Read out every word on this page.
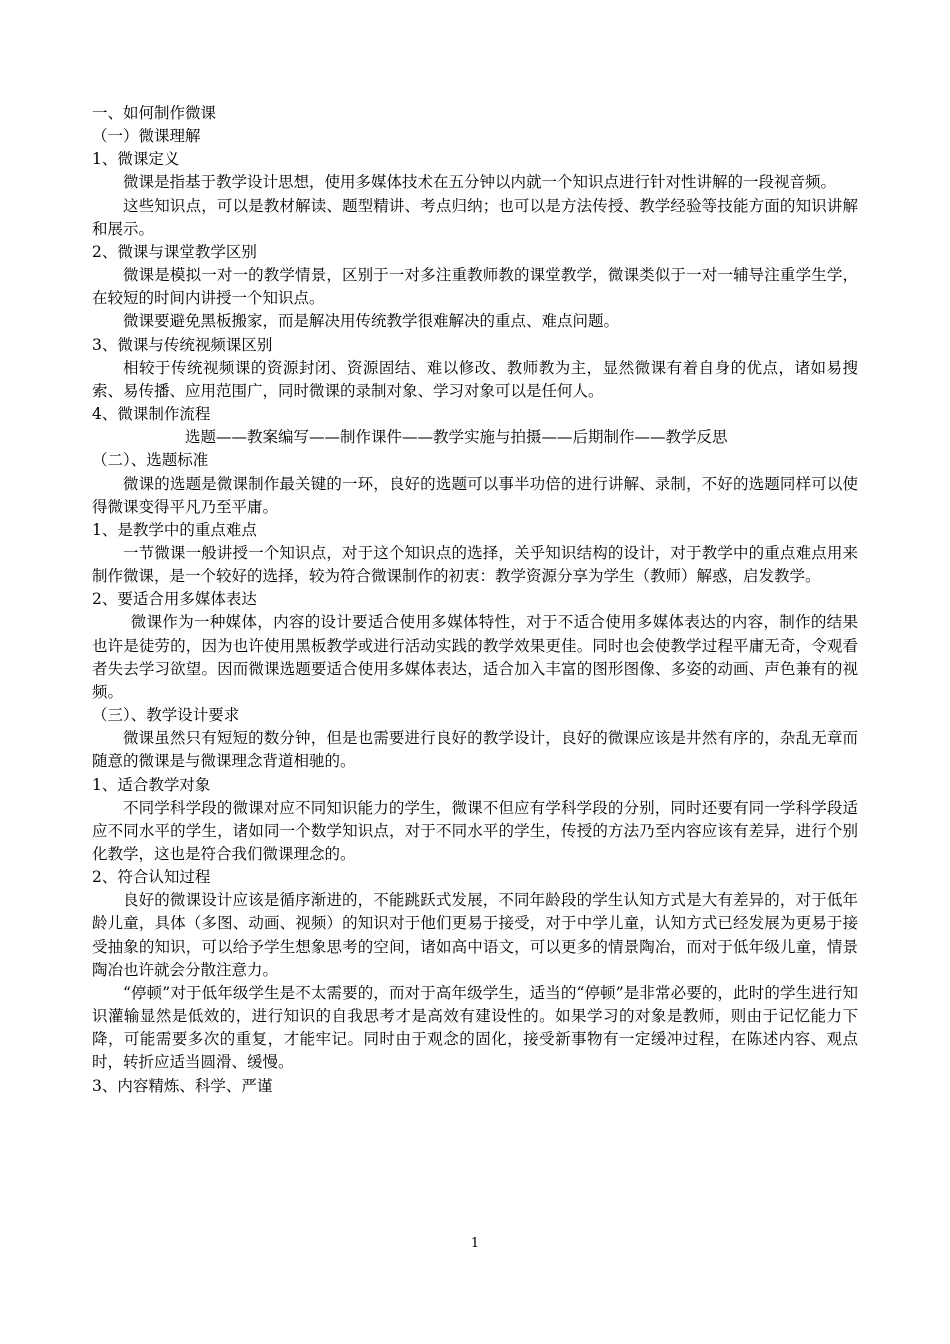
一、如何制作微课

（一）微课理解

1、微课定义

微课是指基于教学设计思想，使用多媒体技术在五分钟以内就一个知识点进行针对性讲解的一段视音频。

这些知识点，可以是教材解读、题型精讲、考点归纳；也可以是方法传授、教学经验等技能方面的知识讲解和展示。

2、微课与课堂教学区别

微课是模拟一对一的教学情景，区别于一对多注重教师教的课堂教学，微课类似于一对一辅导注重学生学，在较短的时间内讲授一个知识点。

微课要避免黑板搬家，而是解决用传统教学很难解决的重点、难点问题。

3、微课与传统视频课区别

相较于传统视频课的资源封闭、资源固结、难以修改、教师教为主，显然微课有着自身的优点，诸如易搜索、易传播、应用范围广，同时微课的录制对象、学习对象可以是任何人。

4、微课制作流程

选题——教案编写——制作课件——教学实施与拍摄——后期制作——教学反思

（二）、选题标准

微课的选题是微课制作最关键的一环，良好的选题可以事半功倍的进行讲解、录制，不好的选题同样可以使得微课变得平凡乃至平庸。

1、是教学中的重点难点

一节微课一般讲授一个知识点，对于这个知识点的选择，关乎知识结构的设计，对于教学中的重点难点用来制作微课，是一个较好的选择，较为符合微课制作的初衷：教学资源分享为学生（教师）解惑，启发教学。

2、要适合用多媒体表达

微课作为一种媒体，内容的设计要适合使用多媒体特性，对于不适合使用多媒体表达的内容，制作的结果也许是徒劳的，因为也许使用黑板教学或进行活动实践的教学效果更佳。同时也会使教学过程平庸无奇，令观看者失去学习欲望。因而微课选题要适合使用多媒体表达，适合加入丰富的图形图像、多姿的动画、声色兼有的视频。

（三）、教学设计要求

微课虽然只有短短的数分钟，但是也需要进行良好的教学设计，良好的微课应该是井然有序的，杂乱无章而随意的微课是与微课理念背道相驰的。

1、适合教学对象

不同学科学段的微课对应不同知识能力的学生，微课不但应有学科学段的分别，同时还要有同一学科学段适应不同水平的学生，诸如同一个数学知识点，对于不同水平的学生，传授的方法乃至内容应该有差异，进行个别化教学，这也是符合我们微课理念的。

2、符合认知过程

良好的微课设计应该是循序渐进的，不能跳跃式发展，不同年龄段的学生认知方式是大有差异的，对于低年龄儿童，具体（多图、动画、视频）的知识对于他们更易于接受，对于中学儿童，认知方式已经发展为更易于接受抽象的知识，可以给予学生想象思考的空间，诸如高中语文，可以更多的情景陶冶，而对于低年级儿童，情景陶冶也许就会分散注意力。

“停顿”对于低年级学生是不太需要的，而对于高年级学生，适当的“停顿”是非常必要的，此时的学生进行知识灌输显然是低效的，进行知识的自我思考才是高效有建设性的。如果学习的对象是教师，则由于记忆能力下降，可能需要多次的重复，才能牢记。同时由于观念的固化，接受新事物有一定缓冲过程，在陈述内容、观点时，转折应适当圆滑、缓慢。

3、内容精炼、科学、严谨

1
